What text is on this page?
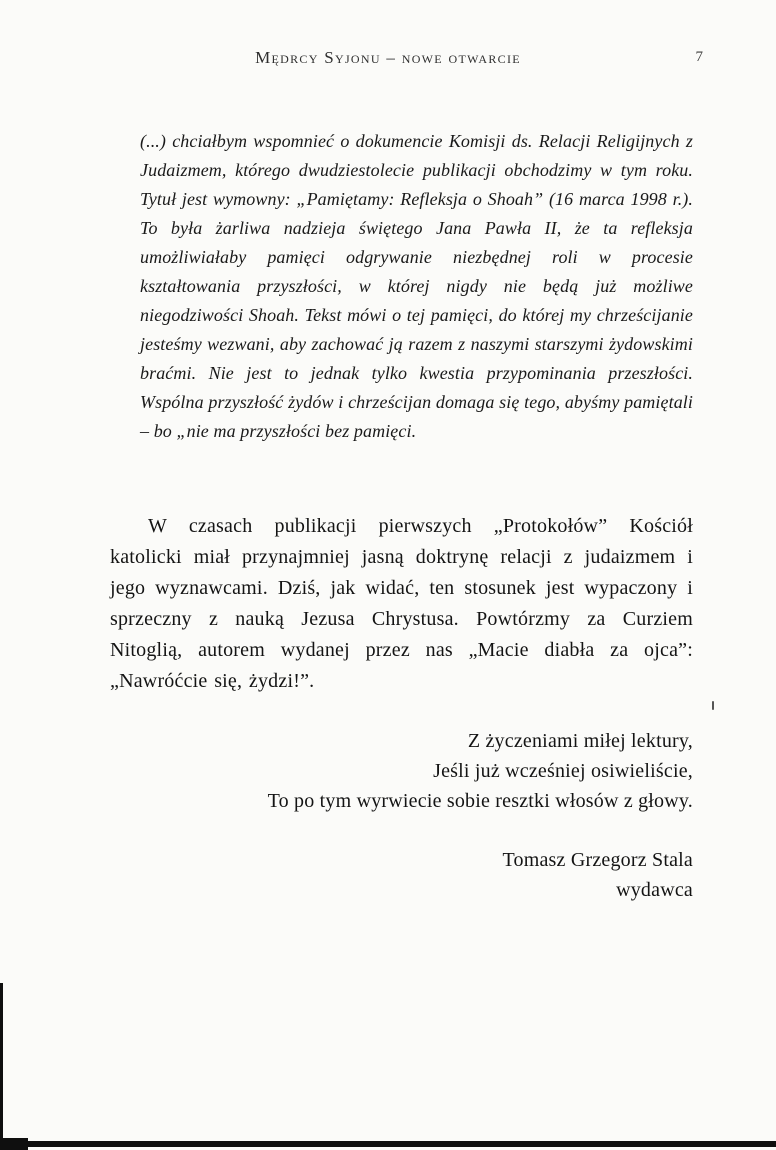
Mędrcy Syjonu – nowe otwarcie	7
(...) chciałbym wspomnieć o dokumencie Komisji ds. Relacji Religijnych z Judaizmem, którego dwudziestolecie publikacji obchodzimy w tym roku. Tytuł jest wymowny: „Pamiętamy: Refleksja o Shoah” (16 marca 1998 r.). To była żarliwa nadzieja świętego Jana Pawła II, że ta refleksja umożliwiałaby pamięci odgrywanie niezbędnej roli w procesie kształtowania przyszłości, w której nigdy nie będą już możliwe niegodziwości Shoah. Tekst mówi o tej pamięci, do której my chrześcijanie jesteśmy wezwani, aby zachować ją razem z naszymi starszymi żydowskimi braćmi. Nie jest to jednak tylko kwestia przypominania przeszłości. Wspólna przyszłość żydów i chrześcijan domaga się tego, abyśmy pamiętali – bo „nie ma przyszłości bez pamięci.

W czasach publikacji pierwszych „Protokołów” Kościół katolicki miał przynajmniej jasną doktrynę relacji z judaizmem i jego wyznawcami. Dziś, jak widać, ten stosunek jest wypaczony i sprzeczny z nauką Jezusa Chrystusa. Powtórzmy za Curziem Nitoglią, autorem wydanej przez nas „Macie diabła za ojca”: „Nawróćcie się, żydzi!”.

Z życzeniami miłej lektury,
Jeśli już wcześniej osiwieliście,
To po tym wyrwiecie sobie resztki włosów z głowy.
Tomasz Grzegorz Stala
wydawca
